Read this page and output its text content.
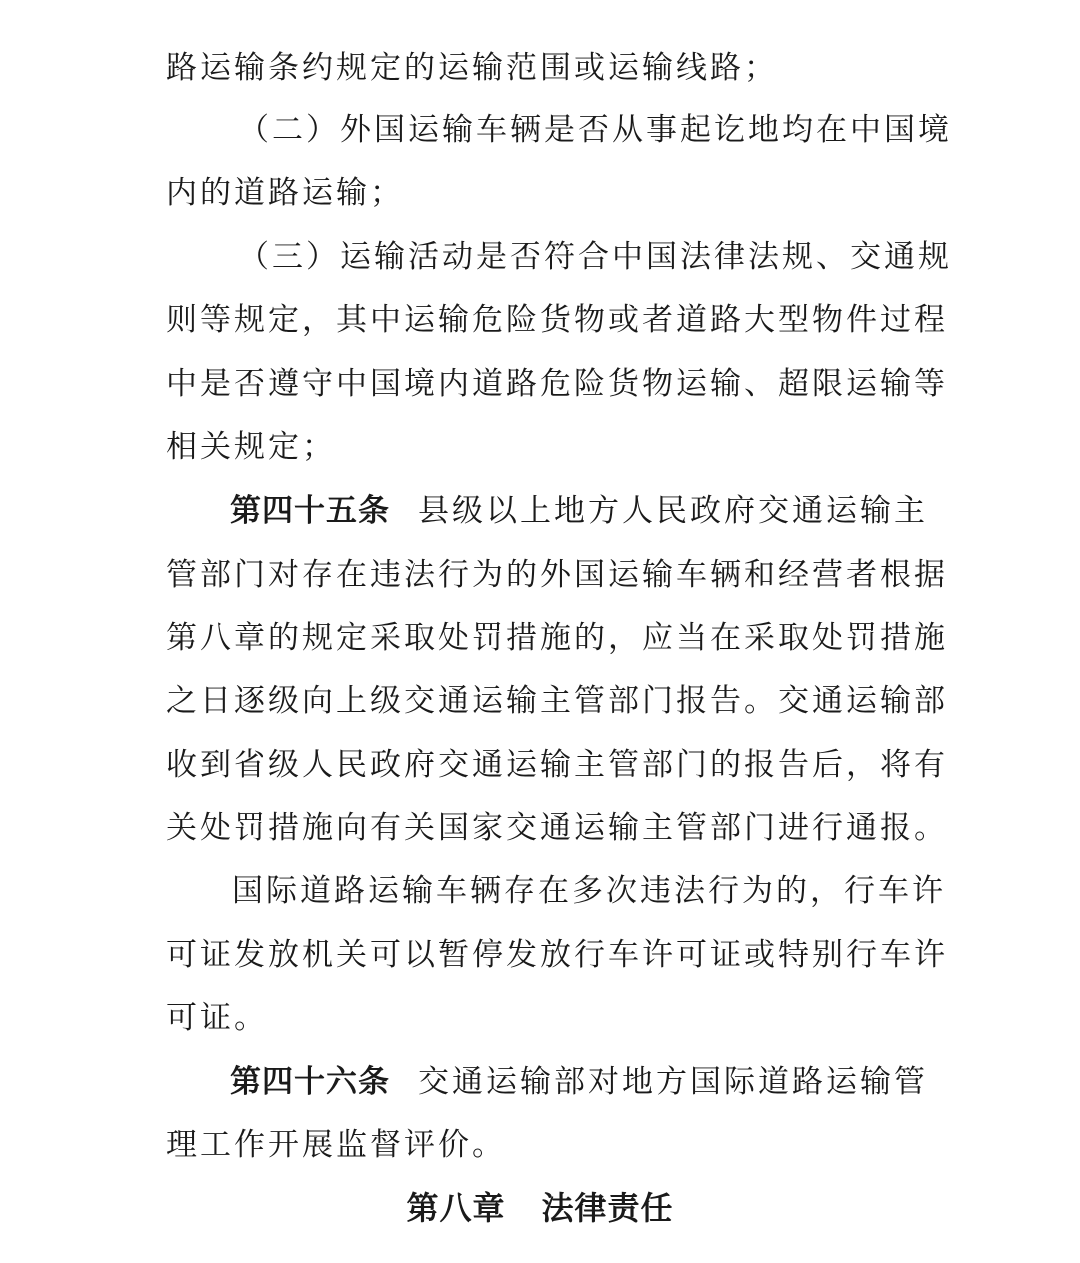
路运输条约规定的运输范围或运输线路；
（二）外国运输车辆是否从事起讫地均在中国境
内的道路运输；
（三）运输活动是否符合中国法律法规、交通规
则等规定，其中运输危险货物或者道路大型物件过程
中是否遵守中国境内道路危险货物运输、超限运输等
相关规定；
第四十五条 县级以上地方人民政府交通运输主
管部门对存在违法行为的外国运输车辆和经营者根据
第八章的规定采取处罚措施的，应当在采取处罚措施
之日逐级向上级交通运输主管部门报告。交通运输部
收到省级人民政府交通运输主管部门的报告后，将有
关处罚措施向有关国家交通运输主管部门进行通报。
国际道路运输车辆存在多次违法行为的，行车许
可证发放机关可以暂停发放行车许可证或特别行车许
可证。
第四十六条 交通运输部对地方国际道路运输管
理工作开展监督评价。
第八章 法律责任
